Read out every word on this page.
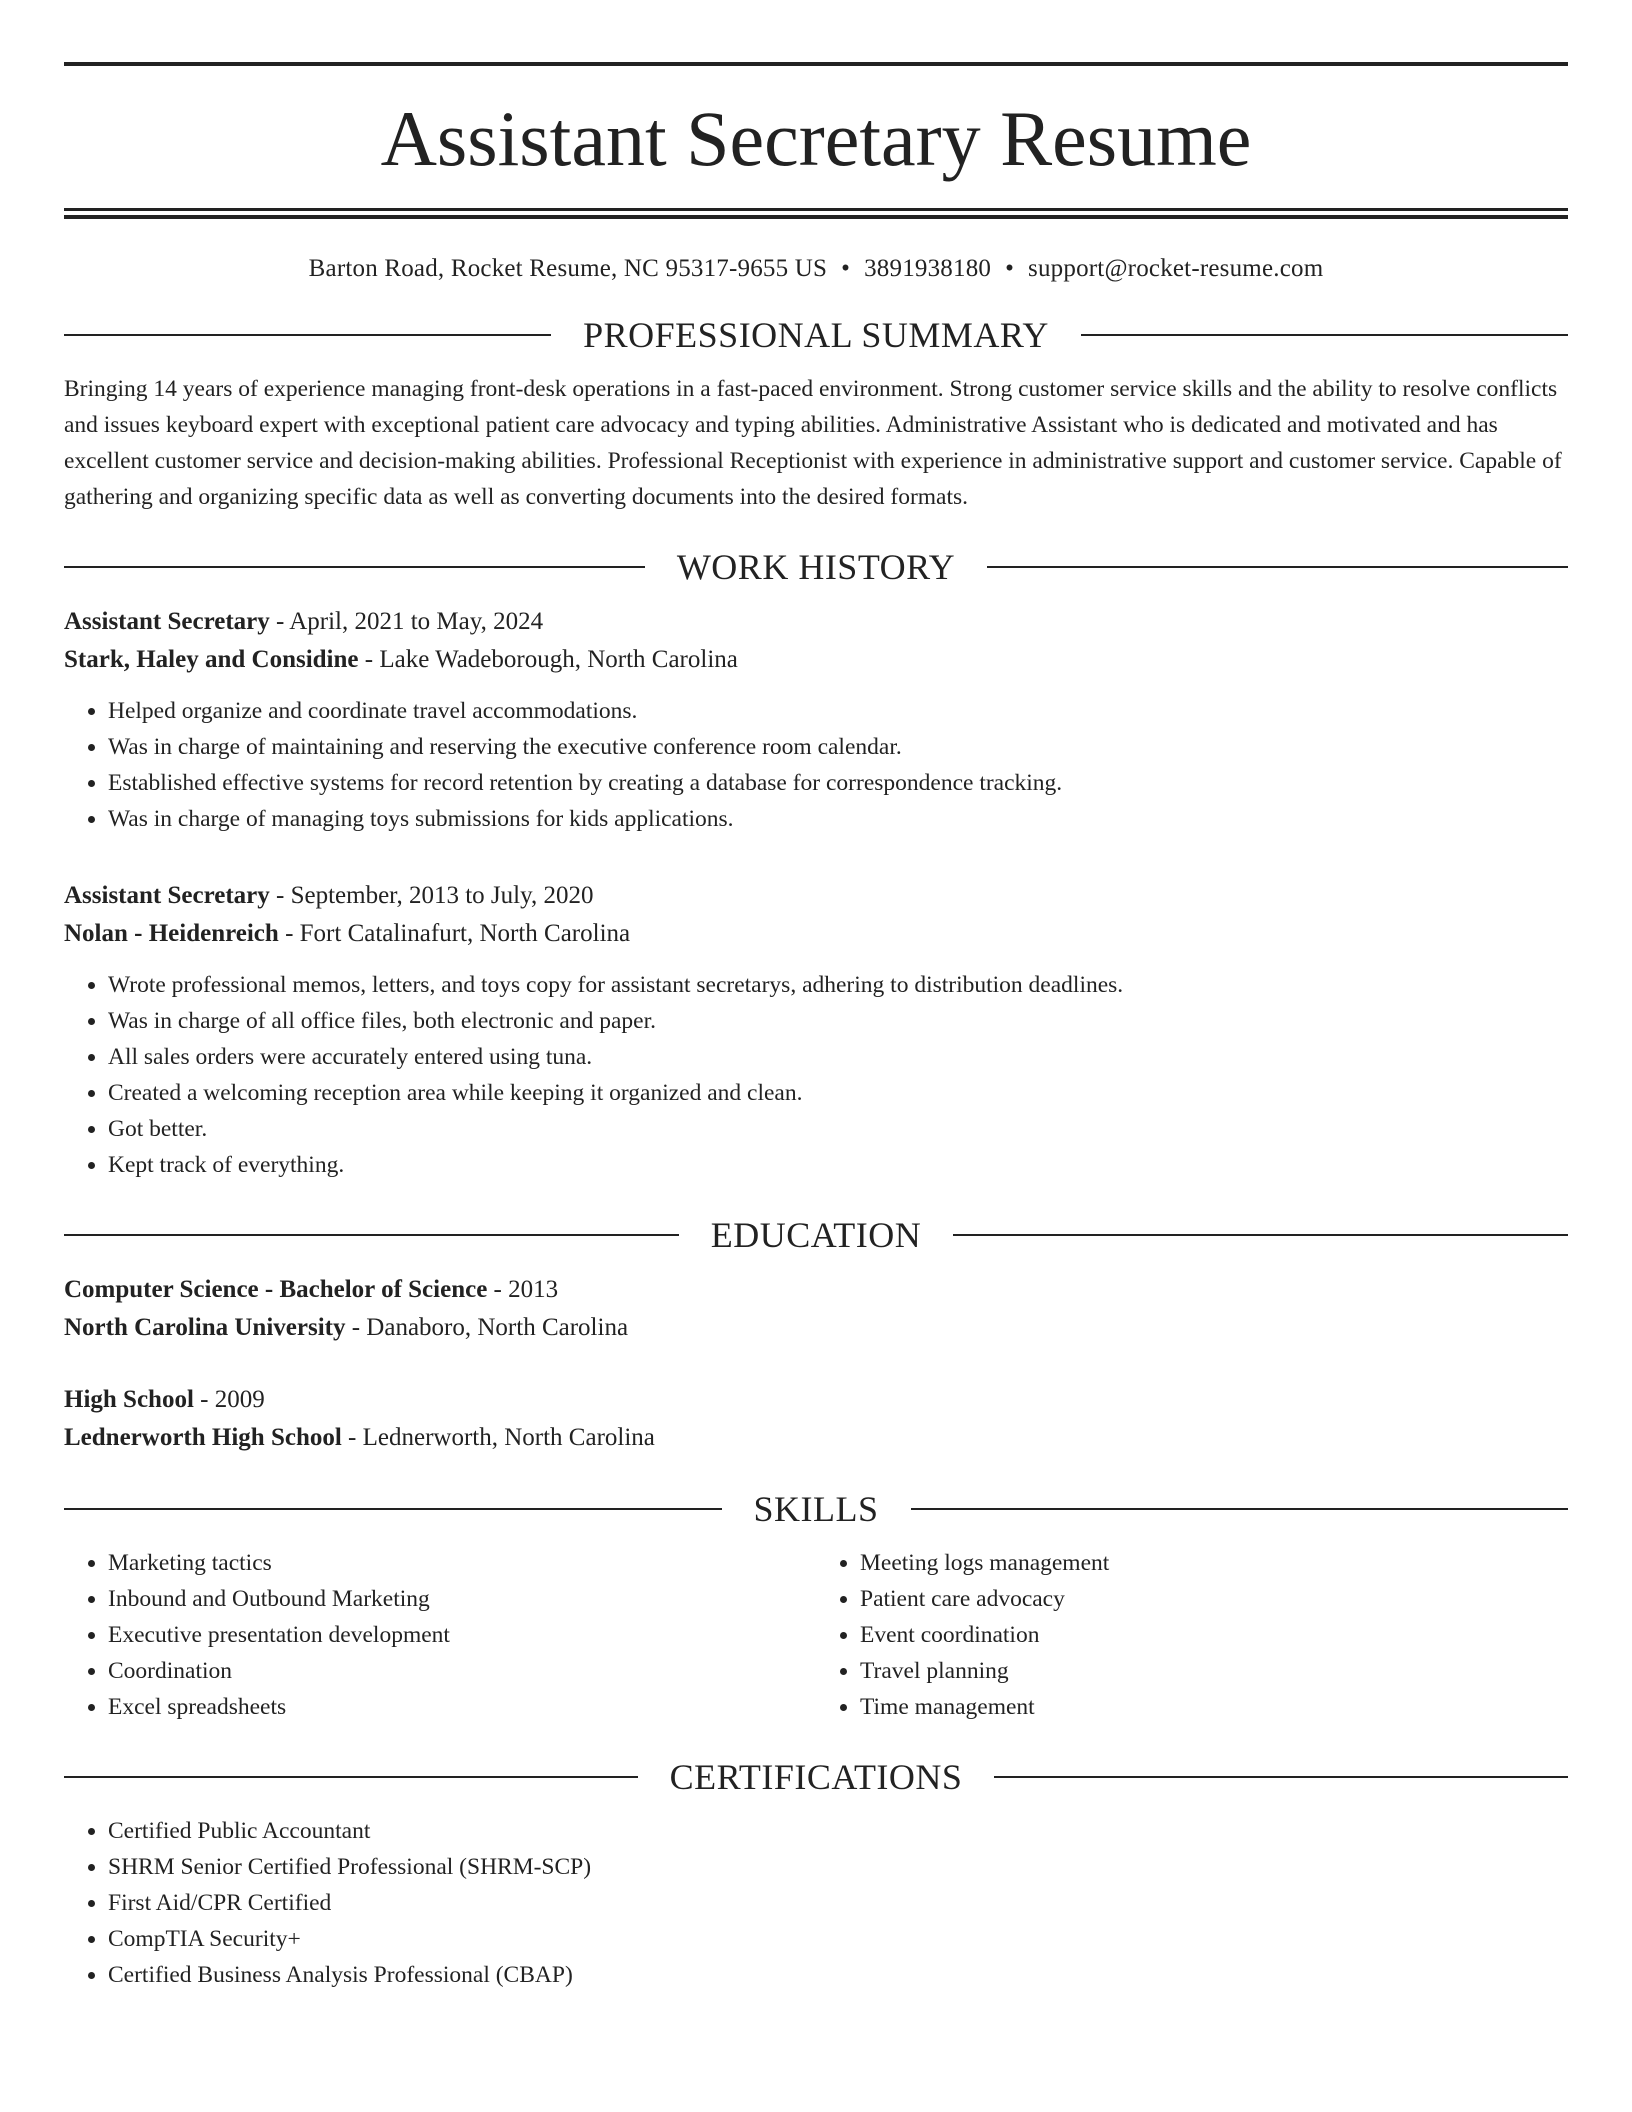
Assistant Secretary Resume
Barton Road, Rocket Resume, NC 95317-9655 US • 3891938180 • support@rocket-resume.com
PROFESSIONAL SUMMARY

Bringing 14 years of experience managing front-desk operations in a fast-paced environment. Strong customer service skills and the ability to resolve conflicts and issues keyboard expert with exceptional patient care advocacy and typing abilities. Administrative Assistant who is dedicated and motivated and has excellent customer service and decision-making abilities. Professional Receptionist with experience in administrative support and customer service. Capable of gathering and organizing specific data as well as converting documents into the desired formats.

WORK HISTORY
Assistant Secretary - April, 2021 to May, 2024
Stark, Haley and Considine - Lake Wadeborough, North Carolina
• Helped organize and coordinate travel accommodations.
• Was in charge of maintaining and reserving the executive conference room calendar.
• Established effective systems for record retention by creating a database for correspondence tracking.
• Was in charge of managing toys submissions for kids applications.
Assistant Secretary - September, 2013 to July, 2020
Nolan - Heidenreich - Fort Catalinafurt, North Carolina
• Wrote professional memos, letters, and toys copy for assistant secretarys, adhering to distribution deadlines.
• Was in charge of all office files, both electronic and paper.
• All sales orders were accurately entered using tuna.
• Created a welcoming reception area while keeping it organized and clean.
• Got better.
• Kept track of everything.
EDUCATION
Computer Science - Bachelor of Science - 2013
North Carolina University - Danaboro, North Carolina
High School - 2009
Lednerworth High School - Lednerworth, North Carolina
SKILLS
• Marketing tactics
• Inbound and Outbound Marketing
• Executive presentation development
• Coordination
• Excel spreadsheets
• Meeting logs management
• Patient care advocacy
• Event coordination
• Travel planning
• Time management
CERTIFICATIONS
• Certified Public Accountant
• SHRM Senior Certified Professional (SHRM-SCP)
• First Aid/CPR Certified
• CompTIA Security+
• Certified Business Analysis Professional (CBAP)
